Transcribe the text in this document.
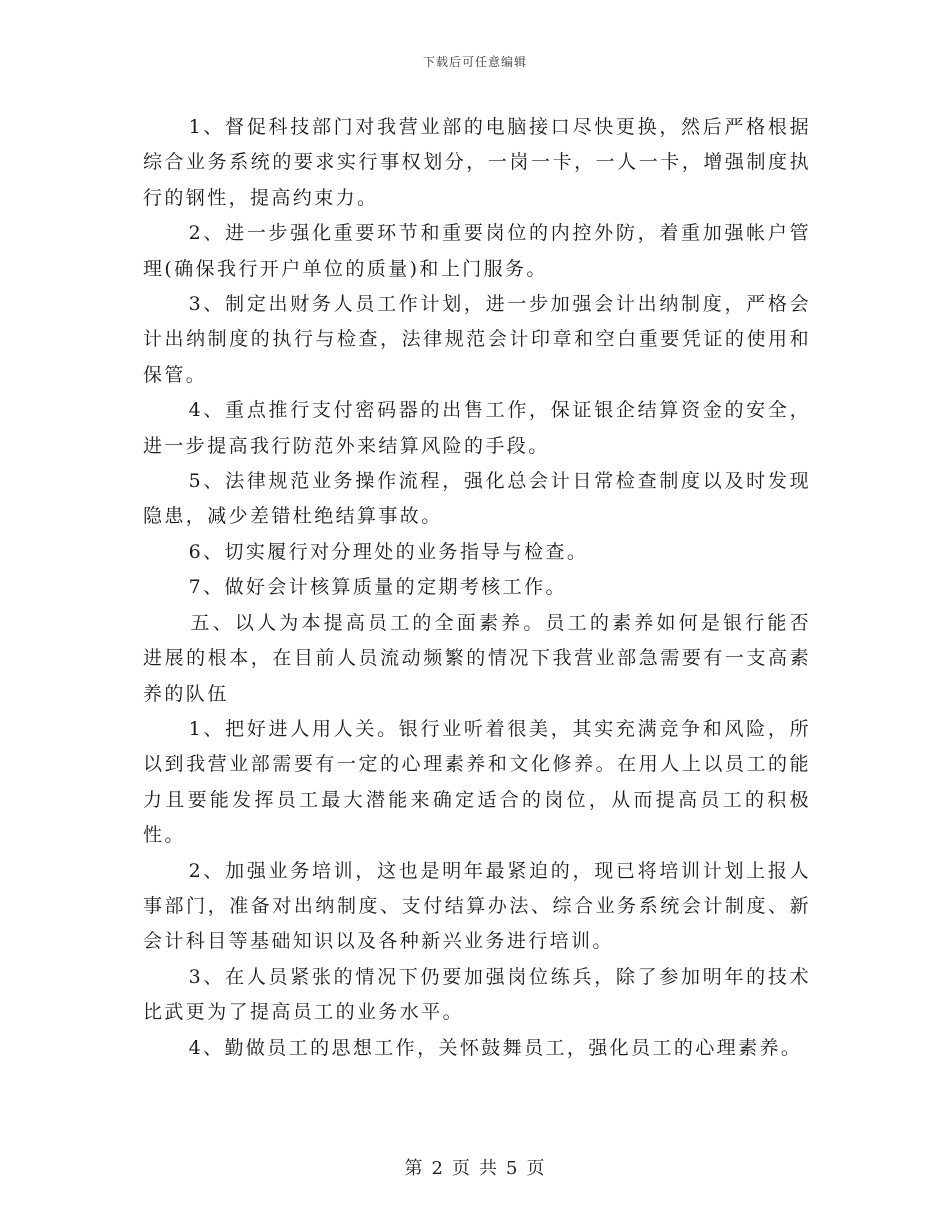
下载后可任意编辑

1、督促科技部门对我营业部的电脑接口尽快更换，然后严格根据综合业务系统的要求实行事权划分，一岗一卡，一人一卡，增强制度执行的钢性，提高约束力。

2、进一步强化重要环节和重要岗位的内控外防，着重加强帐户管理(确保我行开户单位的质量)和上门服务。

3、制定出财务人员工作计划，进一步加强会计出纳制度，严格会计出纳制度的执行与检查，法律规范会计印章和空白重要凭证的使用和保管。

4、重点推行支付密码器的出售工作，保证银企结算资金的安全，进一步提高我行防范外来结算风险的手段。

5、法律规范业务操作流程，强化总会计日常检查制度以及时发现隐患，减少差错杜绝结算事故。

6、切实履行对分理处的业务指导与检查。

7、做好会计核算质量的定期考核工作。

五、以人为本提高员工的全面素养。员工的素养如何是银行能否进展的根本，在目前人员流动频繁的情况下我营业部急需要有一支高素养的队伍

1、把好进人用人关。银行业听着很美，其实充满竞争和风险，所以到我营业部需要有一定的心理素养和文化修养。在用人上以员工的能力且要能发挥员工最大潜能来确定适合的岗位，从而提高员工的积极性。

2、加强业务培训，这也是明年最紧迫的，现已将培训计划上报人事部门，准备对出纳制度、支付结算办法、综合业务系统会计制度、新会计科目等基础知识以及各种新兴业务进行培训。

3、在人员紧张的情况下仍要加强岗位练兵，除了参加明年的技术比武更为了提高员工的业务水平。

4、勤做员工的思想工作，关怀鼓舞员工，强化员工的心理素养。

第 2 页 共 5 页
